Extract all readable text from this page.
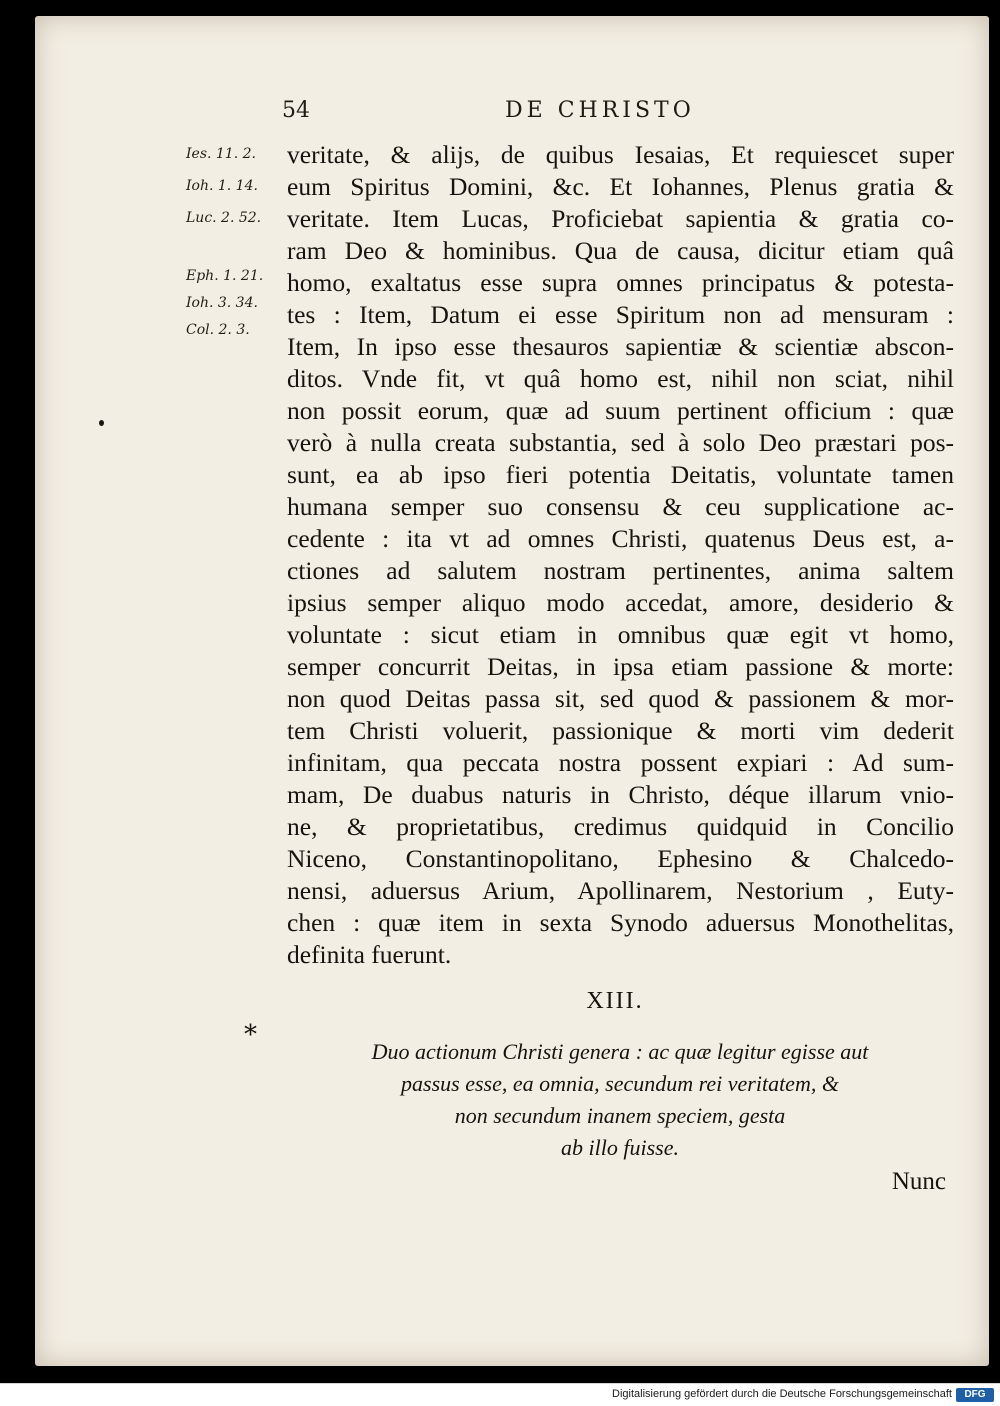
54	DE CHRISTO
Ies. 11. 2.
Ioh. 1. 14.
Luc. 2. 52.
Eph. 1. 21.
Ioh. 3. 34.
Col. 2. 3.
veritate, & alijs, de quibus Iesaias, Et requiescet super
eum Spiritus Domini, &c. Et Iohannes, Plenus gratia &
veritate. Item Lucas, Proficiebat sapientia & gratia co-
ram Deo & hominibus. Qua de causa, dicitur etiam quâ
homo, exaltatus esse supra omnes principatus & potesta-
tes : Item, Datum ei esse Spiritum non ad mensuram :
Item, In ipso esse thesauros sapientiæ & scientiæ abscon-
ditos. Vnde fit, vt quâ homo est, nihil non sciat, nihil
non possit eorum, quæ ad suum pertinent officium : quæ
verò à nulla creata substantia, sed à solo Deo præstari pos-
sunt, ea ab ipso fieri potentia Deitatis, voluntate tamen
humana semper suo consensu & ceu supplicatione ac-
cedente : ita vt ad omnes Christi, quatenus Deus est, a-
ctiones ad salutem nostram pertinentes, anima saltem
ipsius semper aliquo modo accedat, amore, desiderio &
voluntate : sicut etiam in omnibus quæ egit vt homo,
semper concurrit Deitas, in ipsa etiam passione & morte:
non quod Deitas passa sit, sed quod & passionem & mor-
tem Christi voluerit, passionique & morti vim dederit
infinitam, qua peccata nostra possent expiari : Ad sum-
mam, De duabus naturis in Christo, déque illarum vnio-
ne, & proprietatibus, credimus quidquid in Concilio
Niceno, Constantinopolitano, Ephesino & Chalcedo-
nensi, aduersus Arium, Apollinarem, Nestorium , Euty-
chen : quæ item in sexta Synodo aduersus Monothelitas,
definita fuerunt.
XIII.
*
Duo actionum Christi genera : ac quæ legitur egisse aut
passus esse, ea omnia, secundum rei veritatem, &
non secundum inanem speciem, gesta
ab illo fuisse.
Nunc
Digitalisierung gefördert durch die Deutsche Forschungsgemeinschaft	DFG
